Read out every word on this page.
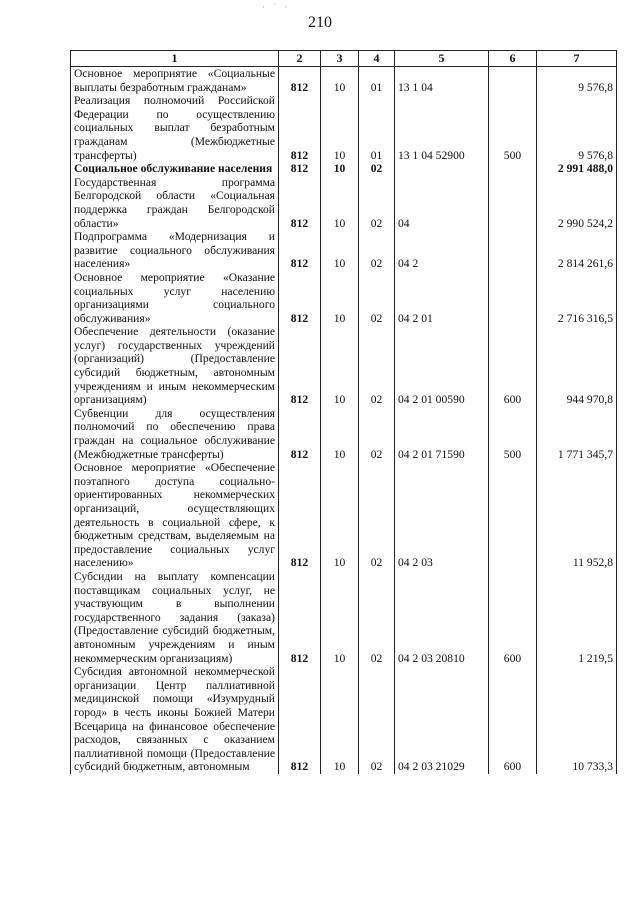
· ˙ ·
210
1	2	3	4	5	6	7
Основное мероприятие «Социальные выплаты безработным гражданам»	812	10	01	13 1 04		9 576,8
Реализация полномочий Российской Федерации по осуществлению социальных выплат безработным гражданам (Межбюджетные трансферты)	812	10	01	13 1 04 52900	500	9 576,8
Социальное обслуживание населения	812	10	02			2 991 488,0
Государственная программа Белгородской области «Социальная поддержка граждан Белгородской области»	812	10	02	04		2 990 524,2
Подпрограмма «Модернизация и развитие социального обслуживания населения»	812	10	02	04 2		2 814 261,6
Основное мероприятие «Оказание социальных услуг населению организациями социального обслуживания»	812	10	02	04 2 01		2 716 316,5
Обеспечение деятельности (оказание услуг) государственных учреждений (организаций) (Предоставление субсидий бюджетным, автономным учреждениям и иным некоммерческим организациям)	812	10	02	04 2 01 00590	600	944 970,8
Субвенции для осуществления полномочий по обеспечению права граждан на социальное обслуживание (Межбюджетные трансферты)	812	10	02	04 2 01 71590	500	1 771 345,7
Основное мероприятие «Обеспечение поэтапного доступа социально-ориентированных некоммерческих организаций, осуществляющих деятельность в социальной сфере, к бюджетным средствам, выделяемым на предоставление социальных услуг населению»	812	10	02	04 2 03		11 952,8
Субсидии на выплату компенсации поставщикам социальных услуг, не участвующим в выполнении государственного задания (заказа) (Предоставление субсидий бюджетным, автономным учреждениям и иным некоммерческим организациям)	812	10	02	04 2 03 20810	600	1 219,5
Субсидия автономной некоммерческой организации Центр паллиативной медицинской помощи «Изумрудный город» в честь иконы Божией Матери Всецарица на финансовое обеспечение расходов, связанных с оказанием паллиативной помощи (Предоставление субсидий бюджетным, автономным	812	10	02	04 2 03 21029	600	10 733,3
